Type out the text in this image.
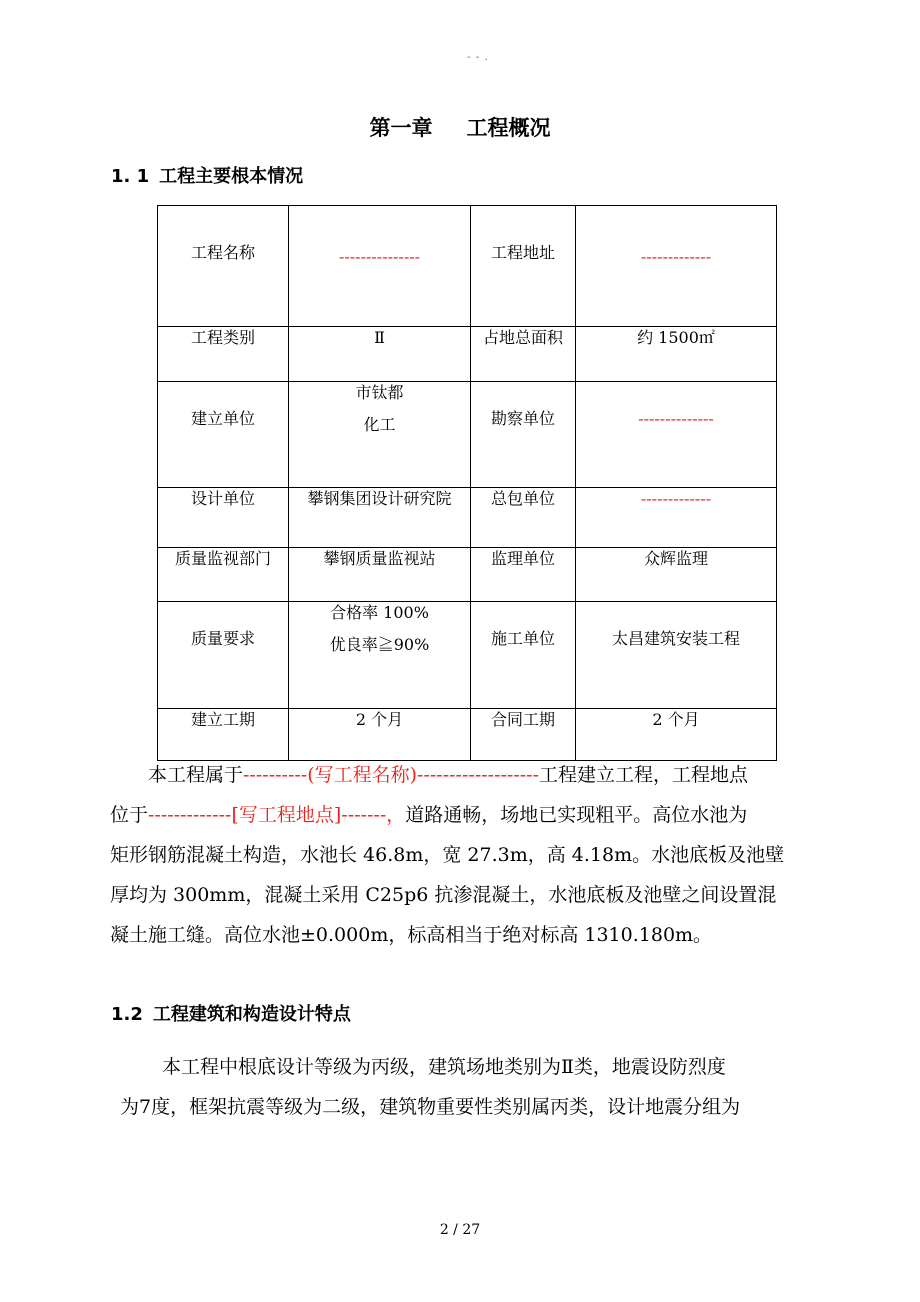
- - .
第一章 工程概况
1. 1 工程主要根本情况
工程名称	---------------	工程地址	-------------

工程类别	Ⅱ	占地总面积	约 1500㎡

建立单位	市钛都
化工	勘察单位	--------------

设计单位	攀钢集团设计研究院	总包单位	-------------

质量监视部门	攀钢质量监视站	监理单位	众辉监理

质量要求	合格率 100%
优良率≧90%	施工单位	太昌建筑安装工程

建立工期	2 个月	合同工期	2 个月
本工程属于----------(写工程名称)-------------------工程建立工程，工程地点
位于-------------[写工程地点]-------，道路通畅，场地已实现粗平。高位水池为
矩形钢筋混凝土构造，水池长 46.8m，宽 27.3m，高 4.18m。水池底板及池壁
厚均为 300mm，混凝土采用 C25p6 抗渗混凝土，水池底板及池壁之间设置混
凝土施工缝。高位水池±0.000m，标高相当于绝对标高 1310.180m。
1.2 工程建筑和构造设计特点
本工程中根底设计等级为丙级，建筑场地类别为Ⅱ类，地震设防烈度
为7度，框架抗震等级为二级，建筑物重要性类别属丙类，设计地震分组为
2 / 27
